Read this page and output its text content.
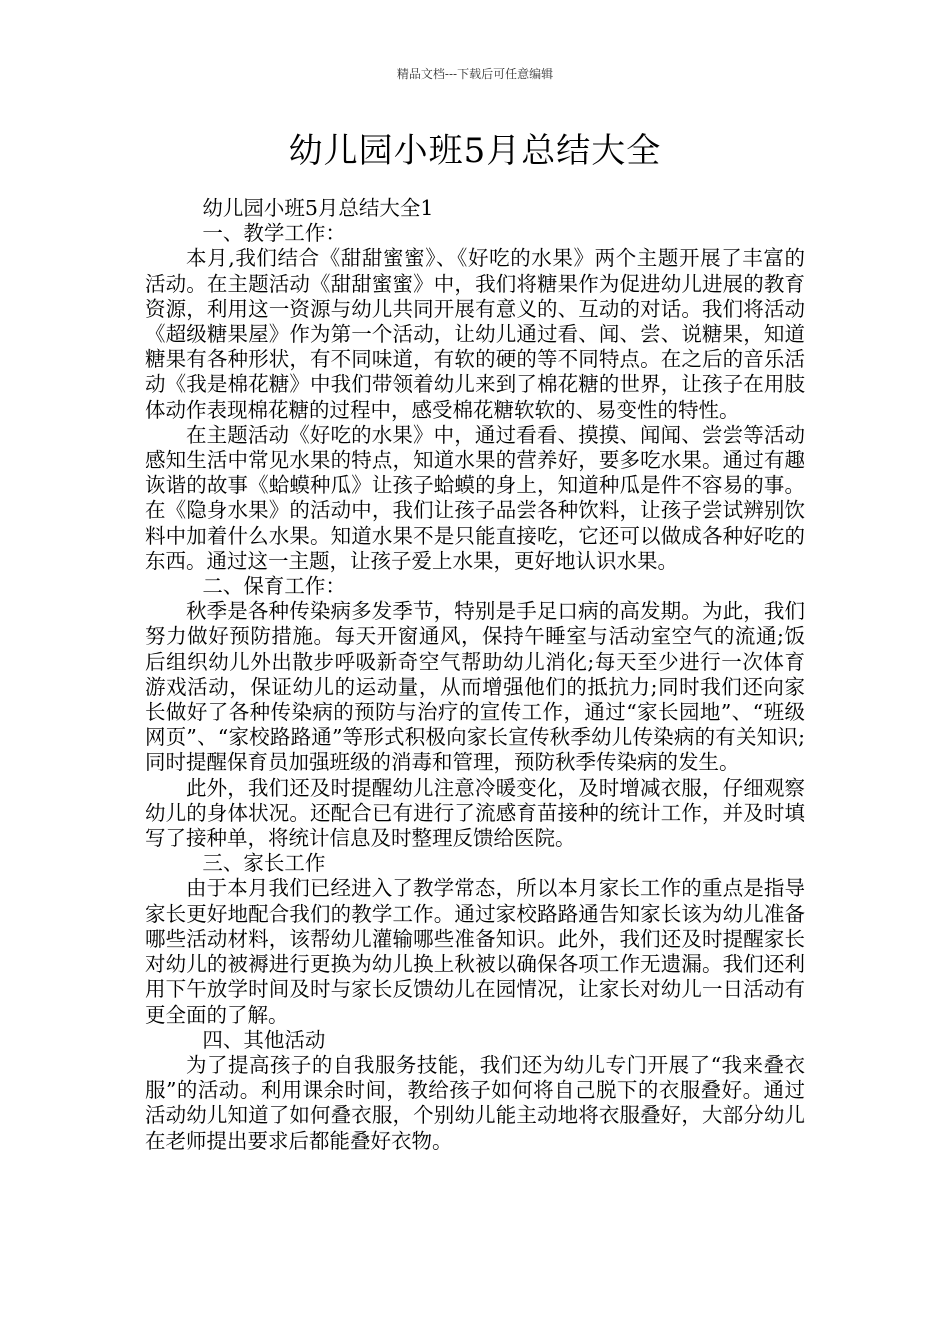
精品文档---下载后可任意编辑
幼儿园小班5月总结大全

幼儿园小班5月总结大全1

一、教学工作：

本月,我们结合《甜甜蜜蜜》、《好吃的水果》两个主题开展了丰富的活动。在主题活动《甜甜蜜蜜》中，我们将糖果作为促进幼儿进展的教育资源，利用这一资源与幼儿共同开展有意义的、互动的对话。我们将活动《超级糖果屋》作为第一个活动，让幼儿通过看、闻、尝、说糖果，知道糖果有各种形状，有不同味道，有软的硬的等不同特点。在之后的音乐活动《我是棉花糖》中我们带领着幼儿来到了棉花糖的世界，让孩子在用肢体动作表现棉花糖的过程中，感受棉花糖软软的、易变性的特性。

在主题活动《好吃的水果》中，通过看看、摸摸、闻闻、尝尝等活动感知生活中常见水果的特点，知道水果的营养好，要多吃水果。通过有趣诙谐的故事《蛤蟆种瓜》让孩子蛤蟆的身上，知道种瓜是件不容易的事。在《隐身水果》的活动中，我们让孩子品尝各种饮料，让孩子尝试辨别饮料中加着什么水果。知道水果不是只能直接吃，它还可以做成各种好吃的东西。通过这一主题，让孩子爱上水果，更好地认识水果。

二、保育工作：

秋季是各种传染病多发季节，特别是手足口病的高发期。为此，我们努力做好预防措施。每天开窗通风，保持午睡室与活动室空气的流通;饭后组织幼儿外出散步呼吸新奇空气帮助幼儿消化;每天至少进行一次体育游戏活动，保证幼儿的运动量，从而增强他们的抵抗力;同时我们还向家长做好了各种传染病的预防与治疗的宣传工作，通过“家长园地”、“班级网页”、“家校路路通”等形式积极向家长宣传秋季幼儿传染病的有关知识;同时提醒保育员加强班级的消毒和管理，预防秋季传染病的发生。

此外，我们还及时提醒幼儿注意冷暖变化，及时增减衣服，仔细观察幼儿的身体状况。还配合已有进行了流感育苗接种的统计工作，并及时填写了接种单，将统计信息及时整理反馈给医院。

三、家长工作

由于本月我们已经进入了教学常态，所以本月家长工作的重点是指导家长更好地配合我们的教学工作。通过家校路路通告知家长该为幼儿准备哪些活动材料，该帮幼儿灌输哪些准备知识。此外，我们还及时提醒家长对幼儿的被褥进行更换为幼儿换上秋被以确保各项工作无遗漏。我们还利用下午放学时间及时与家长反馈幼儿在园情况，让家长对幼儿一日活动有更全面的了解。

四、其他活动

为了提高孩子的自我服务技能，我们还为幼儿专门开展了“我来叠衣服”的活动。利用课余时间，教给孩子如何将自己脱下的衣服叠好。通过活动幼儿知道了如何叠衣服，个别幼儿能主动地将衣服叠好，大部分幼儿在老师提出要求后都能叠好衣物。
